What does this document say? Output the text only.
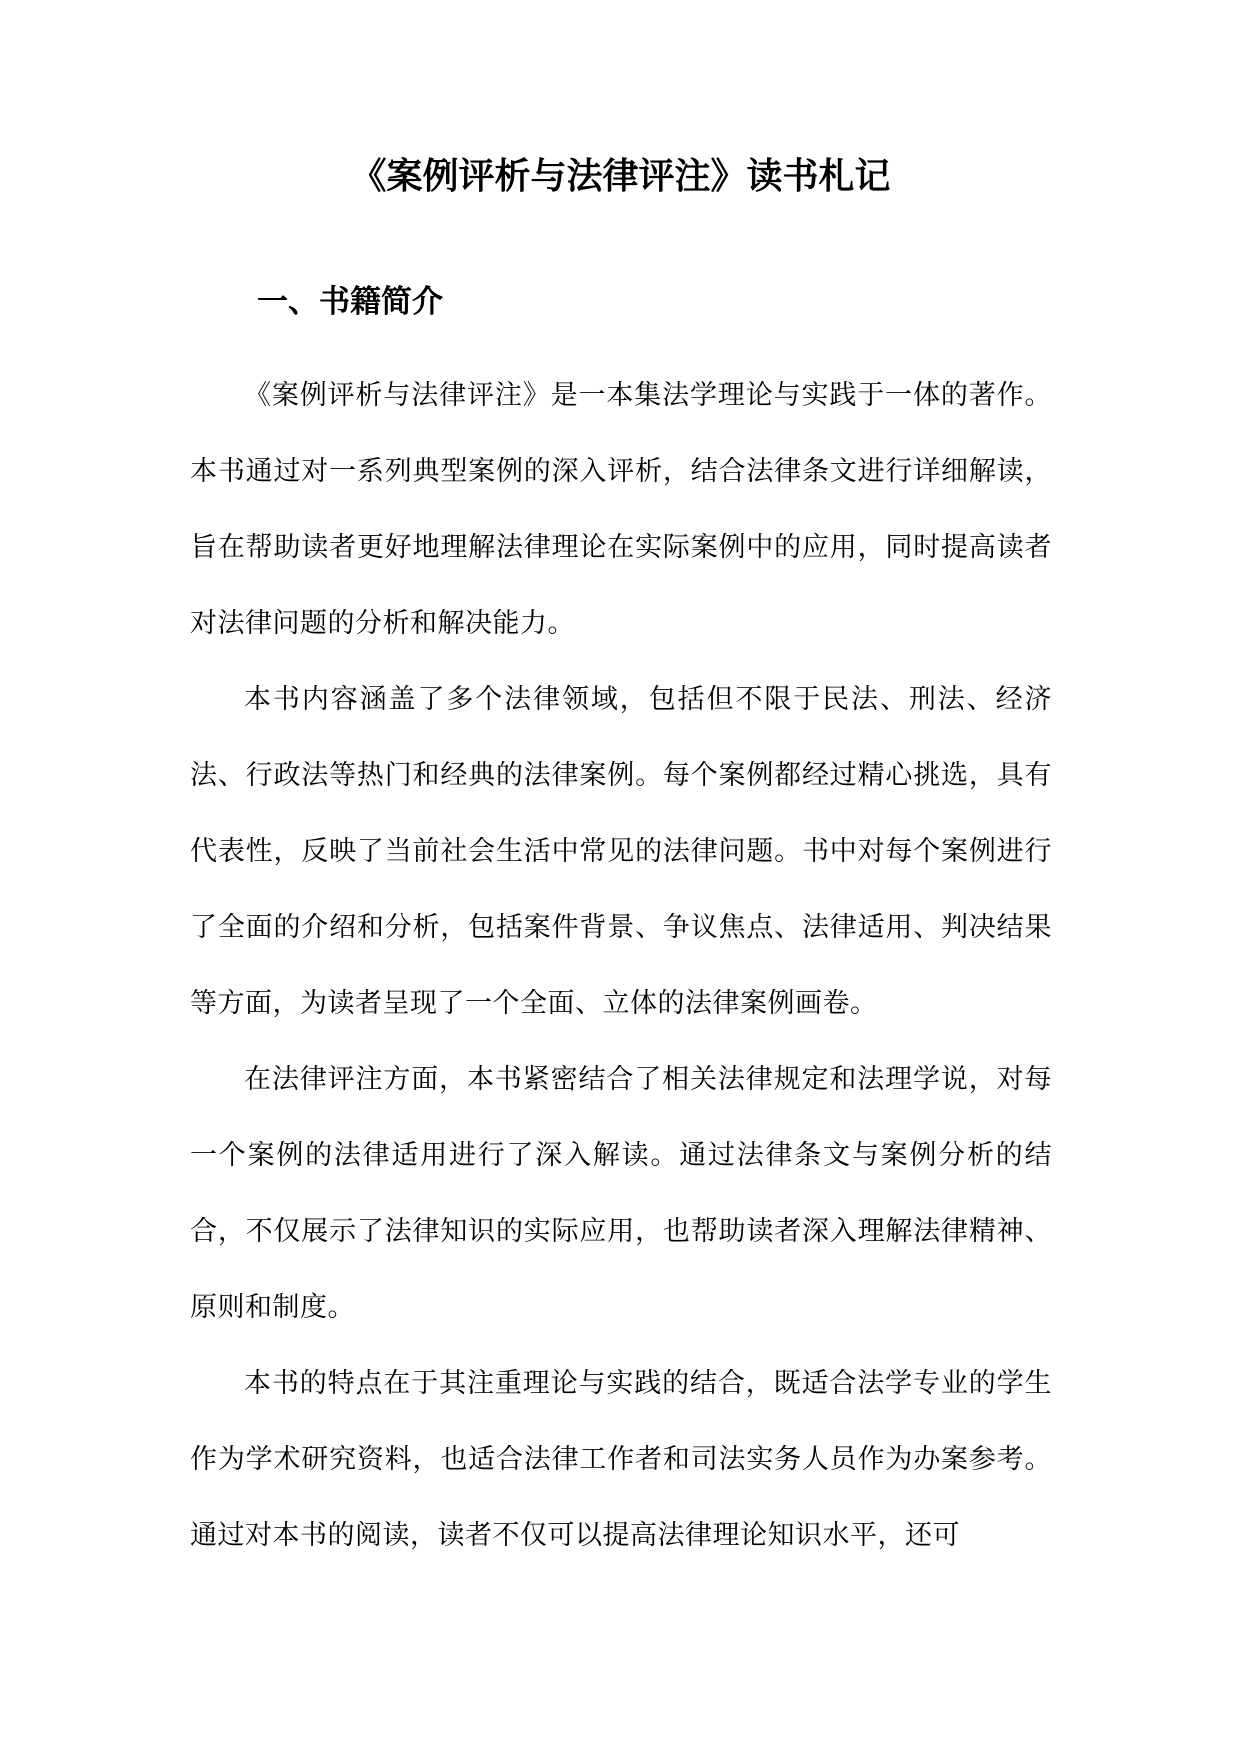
《案例评析与法律评注》读书札记
一、书籍简介

《案例评析与法律评注》是一本集法学理论与实践于一体的著作。本书通过对一系列典型案例的深入评析，结合法律条文进行详细解读，旨在帮助读者更好地理解法律理论在实际案例中的应用，同时提高读者对法律问题的分析和解决能力。

本书内容涵盖了多个法律领域，包括但不限于民法、刑法、经济法、行政法等热门和经典的法律案例。每个案例都经过精心挑选，具有代表性，反映了当前社会生活中常见的法律问题。书中对每个案例进行了全面的介绍和分析，包括案件背景、争议焦点、法律适用、判决结果等方面，为读者呈现了一个全面、立体的法律案例画卷。

在法律评注方面，本书紧密结合了相关法律规定和法理学说，对每一个案例的法律适用进行了深入解读。通过法律条文与案例分析的结合，不仅展示了法律知识的实际应用，也帮助读者深入理解法律精神、原则和制度。

本书的特点在于其注重理论与实践的结合，既适合法学专业的学生作为学术研究资料，也适合法律工作者和司法实务人员作为办案参考。通过对本书的阅读，读者不仅可以提高法律理论知识水平，还可
